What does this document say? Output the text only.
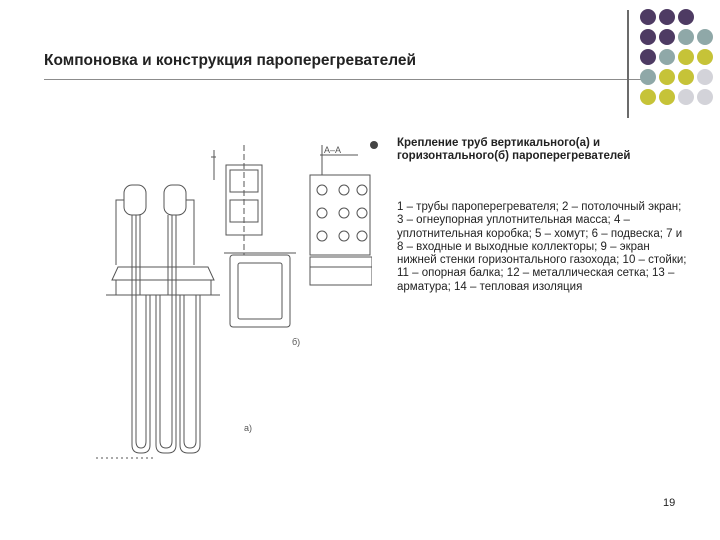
Компоновка и конструкция пароперегревателей
а)
б)
А–А
Крепление труб вертикального(а) и горизонтального(б) пароперегревателей
1 – трубы пароперегревателя; 2 – потолочный экран; 3 – огнеупорная уплотнительная масса; 4 – уплотнительная коробка; 5 – хомут; 6 – подвеска; 7 и 8 – входные и выходные коллекторы; 9 – экран нижней стенки горизонтального газохода; 10 – стойки; 11 – опорная балка; 12 – металлическая сетка; 13 – арматура; 14 – тепловая изоляция
19
